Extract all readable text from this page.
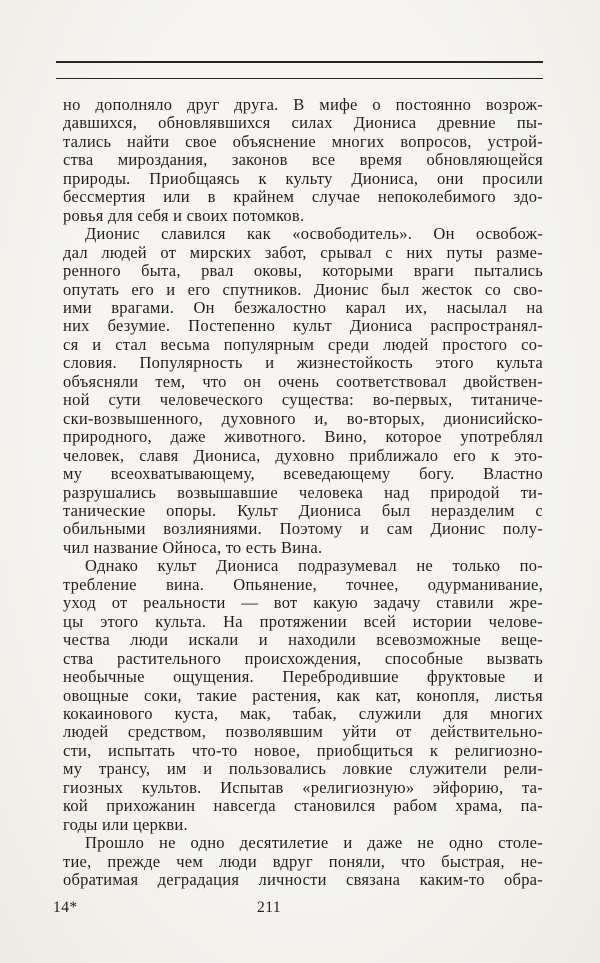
но дополняло друг друга. В мифе о постоянно возрож-
давшихся, обновлявшихся силах Диониса древние пы-
тались найти свое объяснение многих вопросов, устрой-
ства мироздания, законов все время обновляющейся
природы. Приобщаясь к культу Диониса, они просили
бессмертия или в крайнем случае непоколебимого здо-
ровья для себя и своих потомков.
Дионис славился как «освободитель». Он освобож-
дал людей от мирских забот, срывал с них путы разме-
ренного быта, рвал оковы, которыми враги пытались
опутать его и его спутников. Дионис был жесток со сво-
ими врагами. Он безжалостно карал их, насылал на
них безумие. Постепенно культ Диониса распространял-
ся и стал весьма популярным среди людей простого со-
словия. Популярность и жизнестойкость этого культа
объясняли тем, что он очень соответствовал двойствен-
ной сути человеческого существа: во-первых, титаниче-
ски-возвышенного, духовного и, во-вторых, дионисийско-
природного, даже животного. Вино, которое употреблял
человек, славя Диониса, духовно приближало его к это-
му всеохватывающему, всеведающему богу. Властно
разрушались возвышавшие человека над природой ти-
танические опоры. Культ Диониса был неразделим с
обильными возлияниями. Поэтому и сам Дионис полу-
чил название Ойноса, то есть Вина.
Однако культ Диониса подразумевал не только по-
требление вина. Опьянение, точнее, одурманивание,
уход от реальности — вот какую задачу ставили жре-
цы этого культа. На протяжении всей истории челове-
чества люди искали и находили всевозможные веще-
ства растительного происхождения, способные вызвать
необычные ощущения. Перебродившие фруктовые и
овощные соки, такие растения, как кат, конопля, листья
кокаинового куста, мак, табак, служили для многих
людей средством, позволявшим уйти от действительно-
сти, испытать что-то новое, приобщиться к религиозно-
му трансу, им и пользовались ловкие служители рели-
гиозных культов. Испытав «религиозную» эйфорию, та-
кой прихожанин навсегда становился рабом храма, па-
годы или церкви.
Прошло не одно десятилетие и даже не одно столе-
тие, прежде чем люди вдруг поняли, что быстрая, не-
обратимая деградация личности связана каким-то обра-
14*	211
